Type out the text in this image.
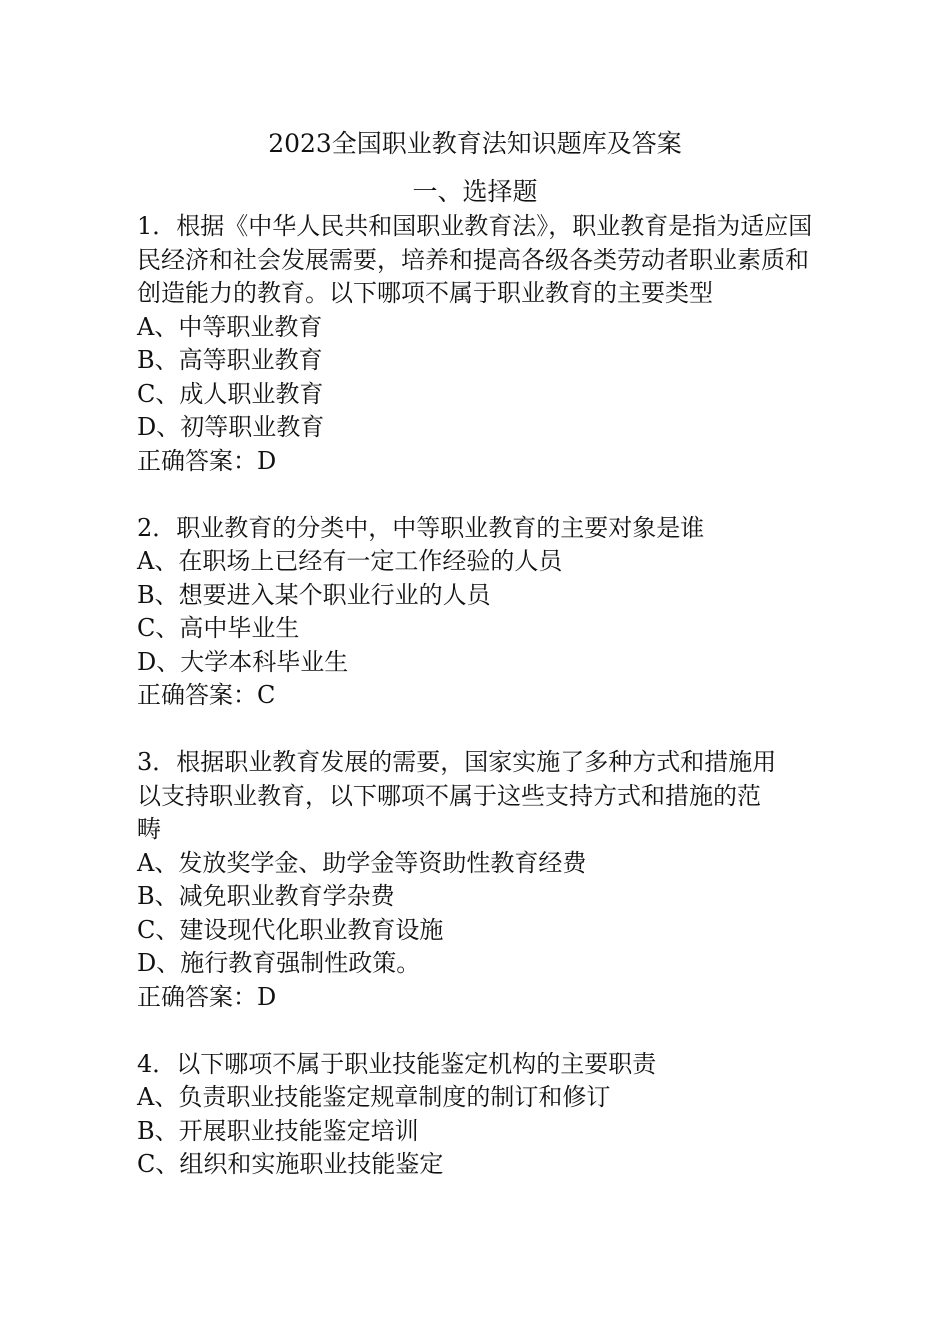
2023全国职业教育法知识题库及答案
一、选择题
1．根据《中华人民共和国职业教育法》，职业教育是指为适应国民经济和社会发展需要，培养和提高各级各类劳动者职业素质和创造能力的教育。以下哪项不属于职业教育的主要类型
A、中等职业教育
B、高等职业教育
C、成人职业教育
D、初等职业教育
正确答案：D
2．职业教育的分类中，中等职业教育的主要对象是谁
A、在职场上已经有一定工作经验的人员
B、想要进入某个职业行业的人员
C、高中毕业生
D、大学本科毕业生
正确答案：C
3．根据职业教育发展的需要，国家实施了多种方式和措施用以支持职业教育，以下哪项不属于这些支持方式和措施的范畴
A、发放奖学金、助学金等资助性教育经费
B、减免职业教育学杂费
C、建设现代化职业教育设施
D、施行教育强制性政策。
正确答案：D
4．以下哪项不属于职业技能鉴定机构的主要职责
A、负责职业技能鉴定规章制度的制订和修订
B、开展职业技能鉴定培训
C、组织和实施职业技能鉴定
